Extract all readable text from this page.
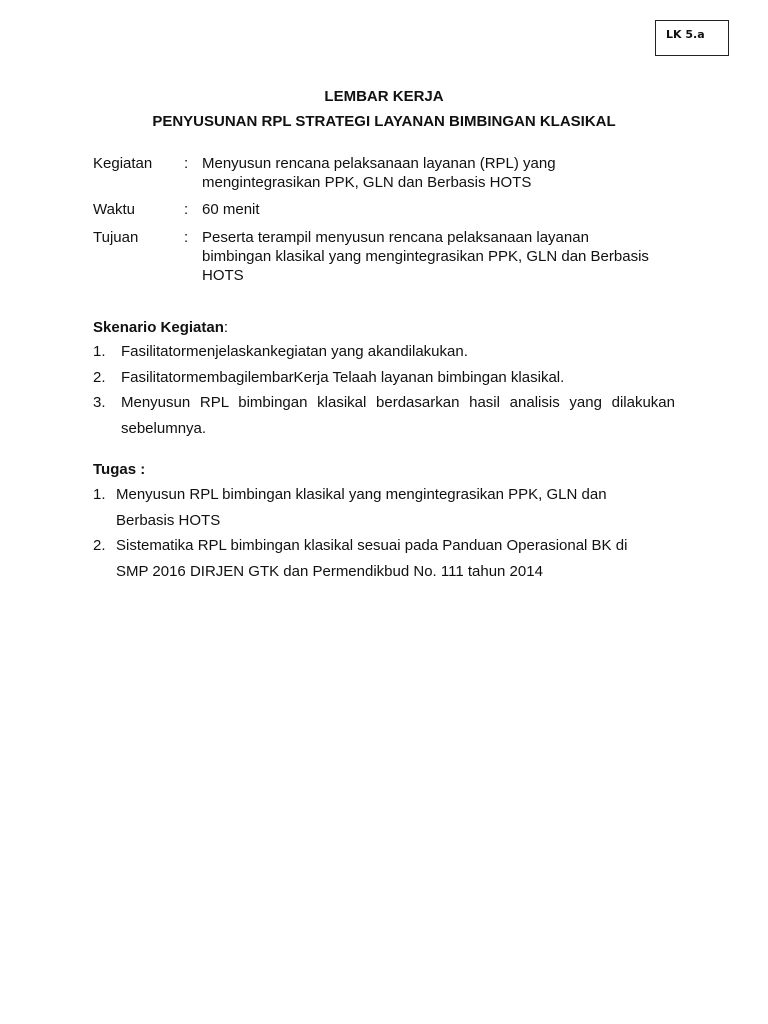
LK 5.a
LEMBAR KERJA
PENYUSUNAN RPL STRATEGI LAYANAN BIMBINGAN KLASIKAL
Kegiatan : Menyusun rencana pelaksanaan layanan (RPL) yang
mengintegrasikan PPK, GLN dan Berbasis HOTS
Waktu	: 60 menit
Tujuan	: Peserta terampil menyusun rencana pelaksanaan layanan
bimbingan klasikal yang mengintegrasikan PPK, GLN dan Berbasis
HOTS
Skenario Kegiatan:
1. Fasilitatormenjelaskankegiatan yang akandilakukan.
2. FasilitatormembagilembarKerja Telaah layanan bimbingan klasikal.
3. Menyusun RPL bimbingan klasikal berdasarkan hasil analisis yang dilakukan
sebelumnya.
Tugas :
1. Menyusun RPL bimbingan klasikal yang mengintegrasikan PPK, GLN dan
Berbasis HOTS
2. Sistematika RPL bimbingan klasikal sesuai pada Panduan Operasional BK di
SMP 2016 DIRJEN GTK dan Permendikbud No. 111 tahun 2014
